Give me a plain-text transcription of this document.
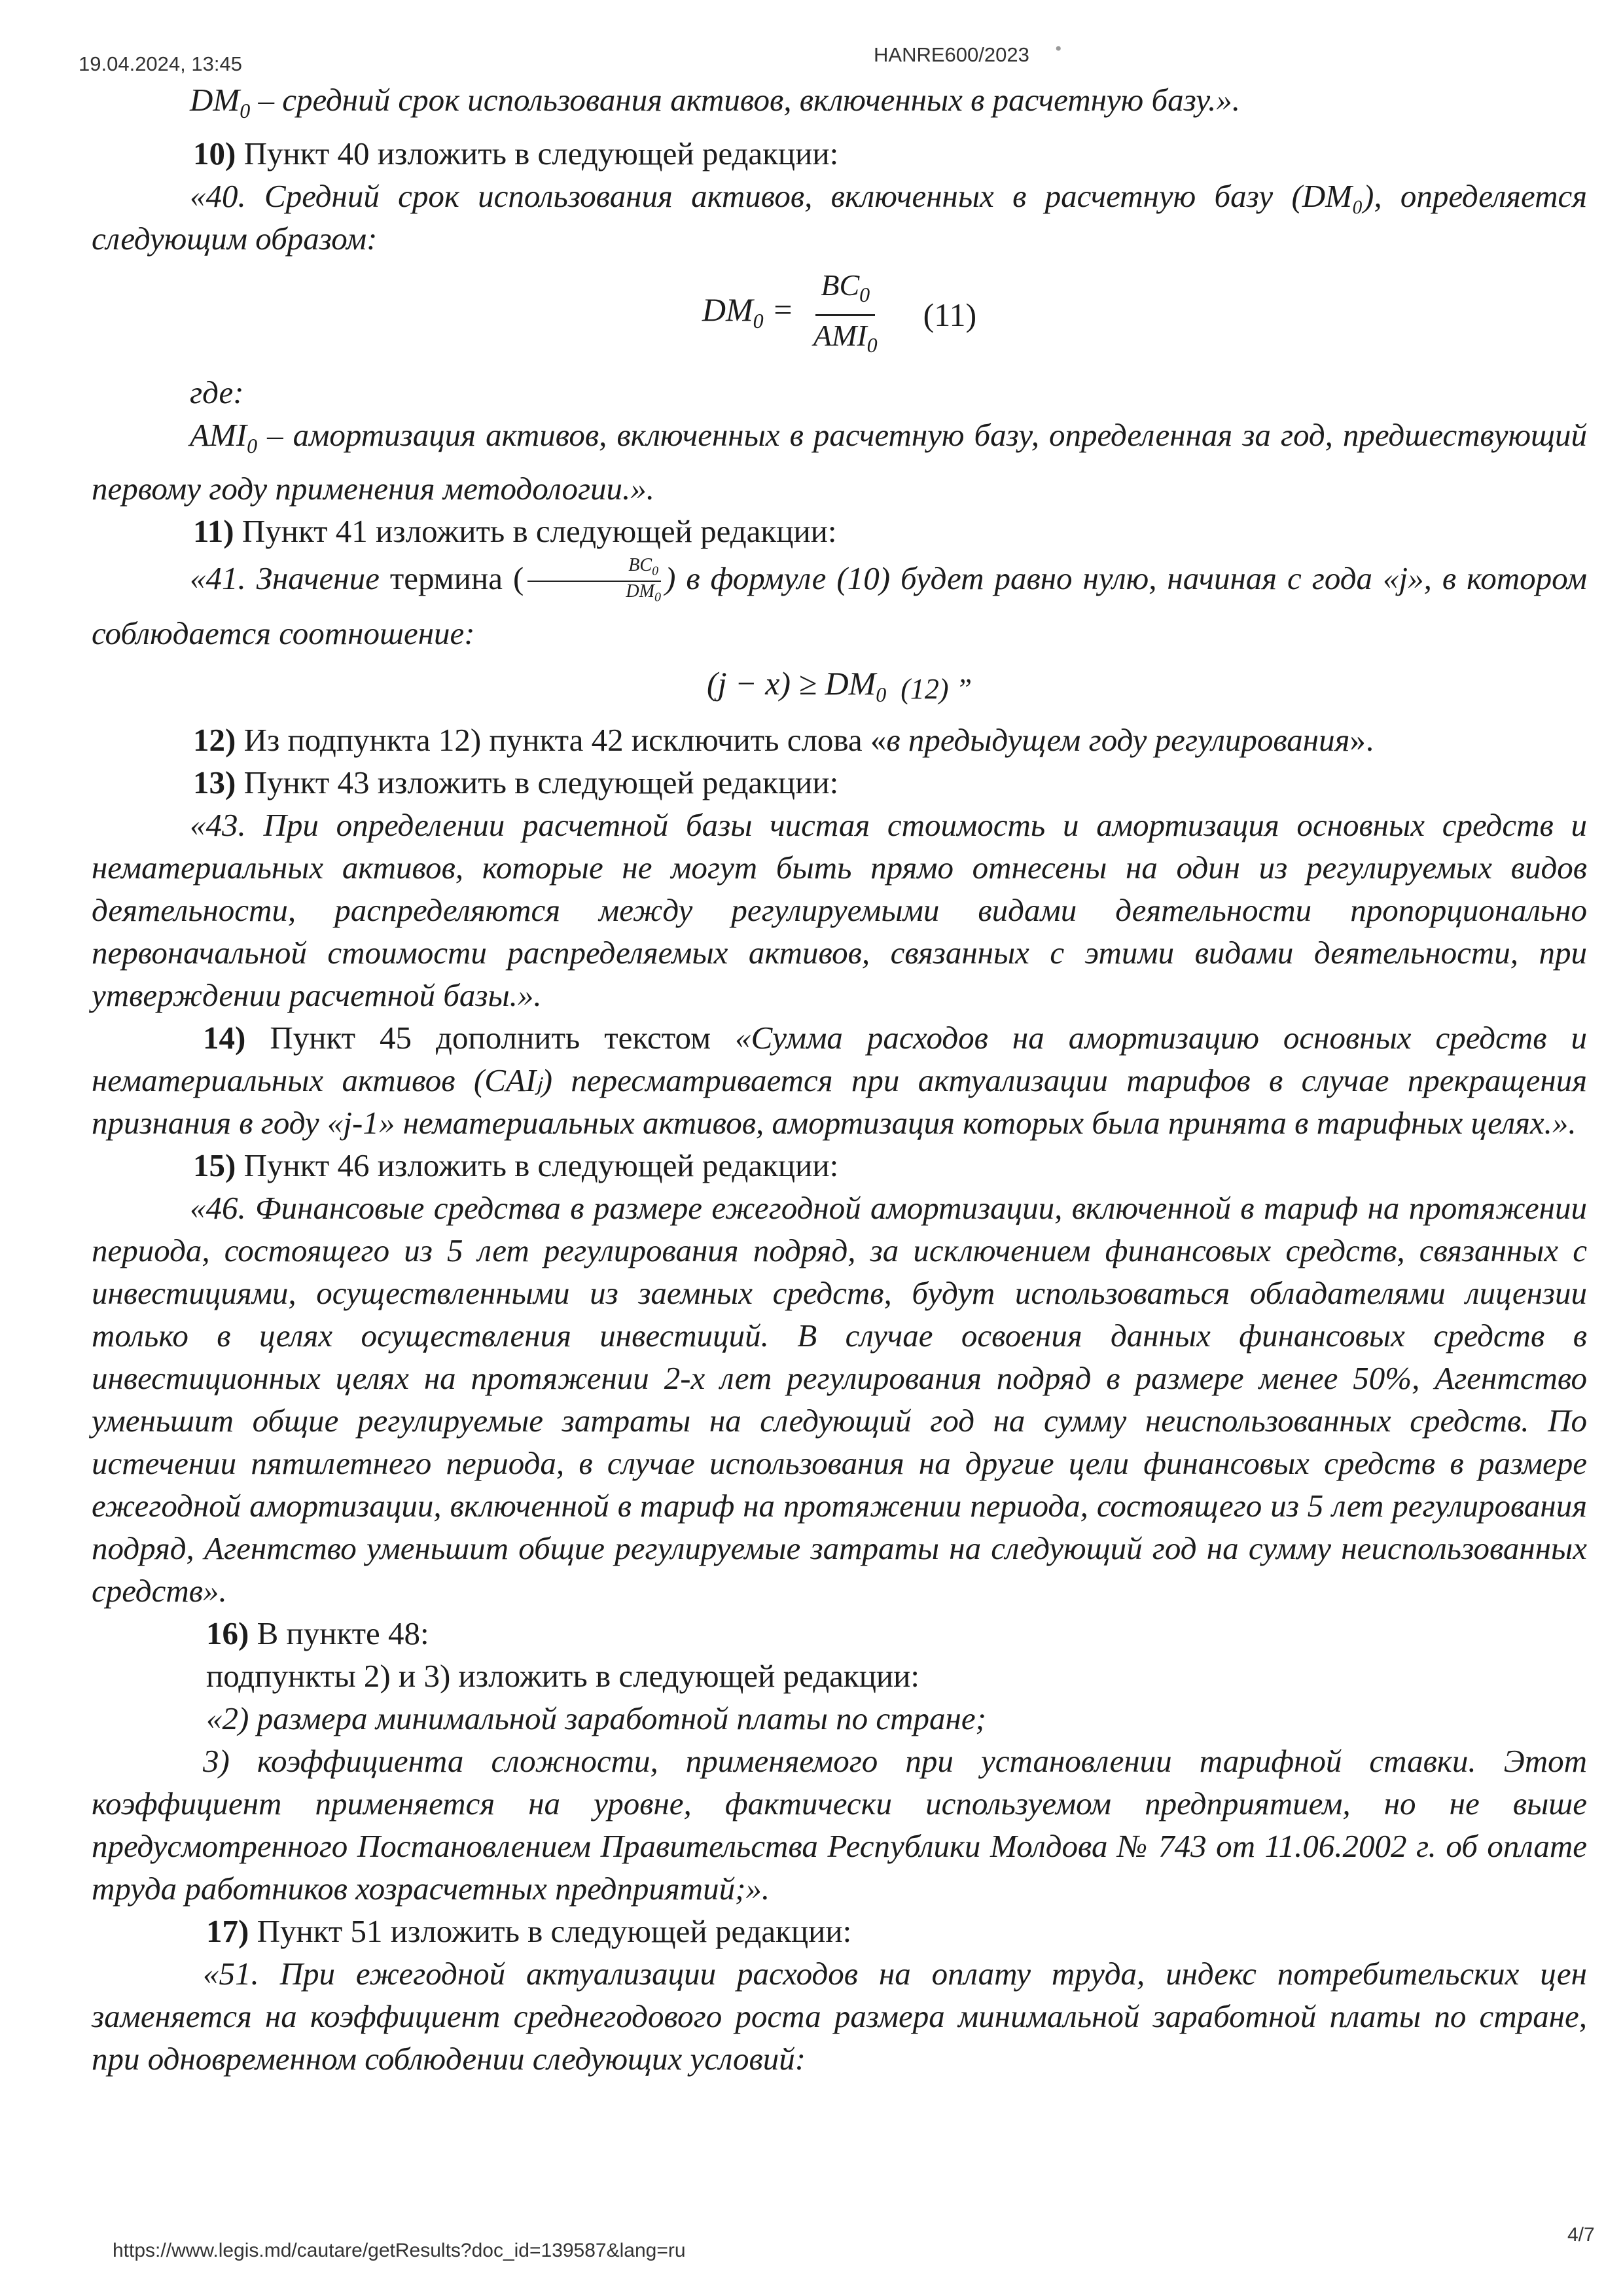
19.04.2024, 13:45	HANRE600/2023 •

$DM_0$ – средний срок использования активов, включенных в расчетную базу.».

10) Пункт 40 изложить в следующей редакции:

«40. Средний срок использования активов, включенных в расчетную базу (DM₀), определяется следующим образом:

$DM_0 = \frac{BC_0}{AMI_0} (11)$

где:

$AMI_0$ – амортизация активов, включенных в расчетную базу, определенная за год, предшествующий первому году применения методологии.».

11) Пункт 41 изложить в следующей редакции:

«41. Значение термина ( $\frac{BC_0}{DM_0}$ ) в формуле (10) будет равно нулю, начиная с года «j», в котором соблюдается соотношение:

$(j - x) \ge DM_0$ (12) ”

12) Из подпункта 12) пункта 42 исключить слова «в предыдущем году регулирования».

13) Пункт 43 изложить в следующей редакции:

«43. При определении расчетной базы чистая стоимость и амортизация основных средств и нематериальных активов, которые не могут быть прямо отнесены на один из регулируемых видов деятельности, распределяются между регулируемыми видами деятельности пропорционально первоначальной стоимости распределяемых активов, связанных с этими видами деятельности, при утверждении расчетной базы.».

14) Пункт 45 дополнить текстом «Сумма расходов на амортизацию основных средств и нематериальных активов (CAIⱼ) пересматривается при актуализации тарифов в случае прекращения признания в году «j-1» нематериальных активов, амортизация которых была принята в тарифных целях.».

15) Пункт 46 изложить в следующей редакции:

«46. Финансовые средства в размере ежегодной амортизации, включенной в тариф на протяжении периода, состоящего из 5 лет регулирования подряд, за исключением финансовых средств, связанных с инвестициями, осуществленными из заемных средств, будут использоваться обладателями лицензии только в целях осуществления инвестиций. В случае освоения данных финансовых средств в инвестиционных целях на протяжении 2-х лет регулирования подряд в размере менее 50%, Агентство уменьшит общие регулируемые затраты на следующий год на сумму неиспользованных средств. По истечении пятилетнего периода, в случае использования на другие цели финансовых средств в размере ежегодной амортизации, включенной в тариф на протяжении периода, состоящего из 5 лет регулирования подряд, Агентство уменьшит общие регулируемые затраты на следующий год на сумму неиспользованных средств».

16) В пункте 48:

подпункты 2) и 3) изложить в следующей редакции:

«2) размера минимальной заработной платы по стране;

3) коэффициента сложности, применяемого при установлении тарифной ставки. Этот коэффициент применяется на уровне, фактически используемом предприятием, но не выше предусмотренного Постановлением Правительства Республики Молдова № 743 от 11.06.2002 г. об оплате труда работников хозрасчетных предприятий;».

17) Пункт 51 изложить в следующей редакции:

«51. При ежегодной актуализации расходов на оплату труда, индекс потребительских цен заменяется на коэффициент среднегодового роста размера минимальной заработной платы по стране, при одновременном соблюдении следующих условий:

https://www.legis.md/cautare/getResults?doc_id=139587&lang=ru
4/7
